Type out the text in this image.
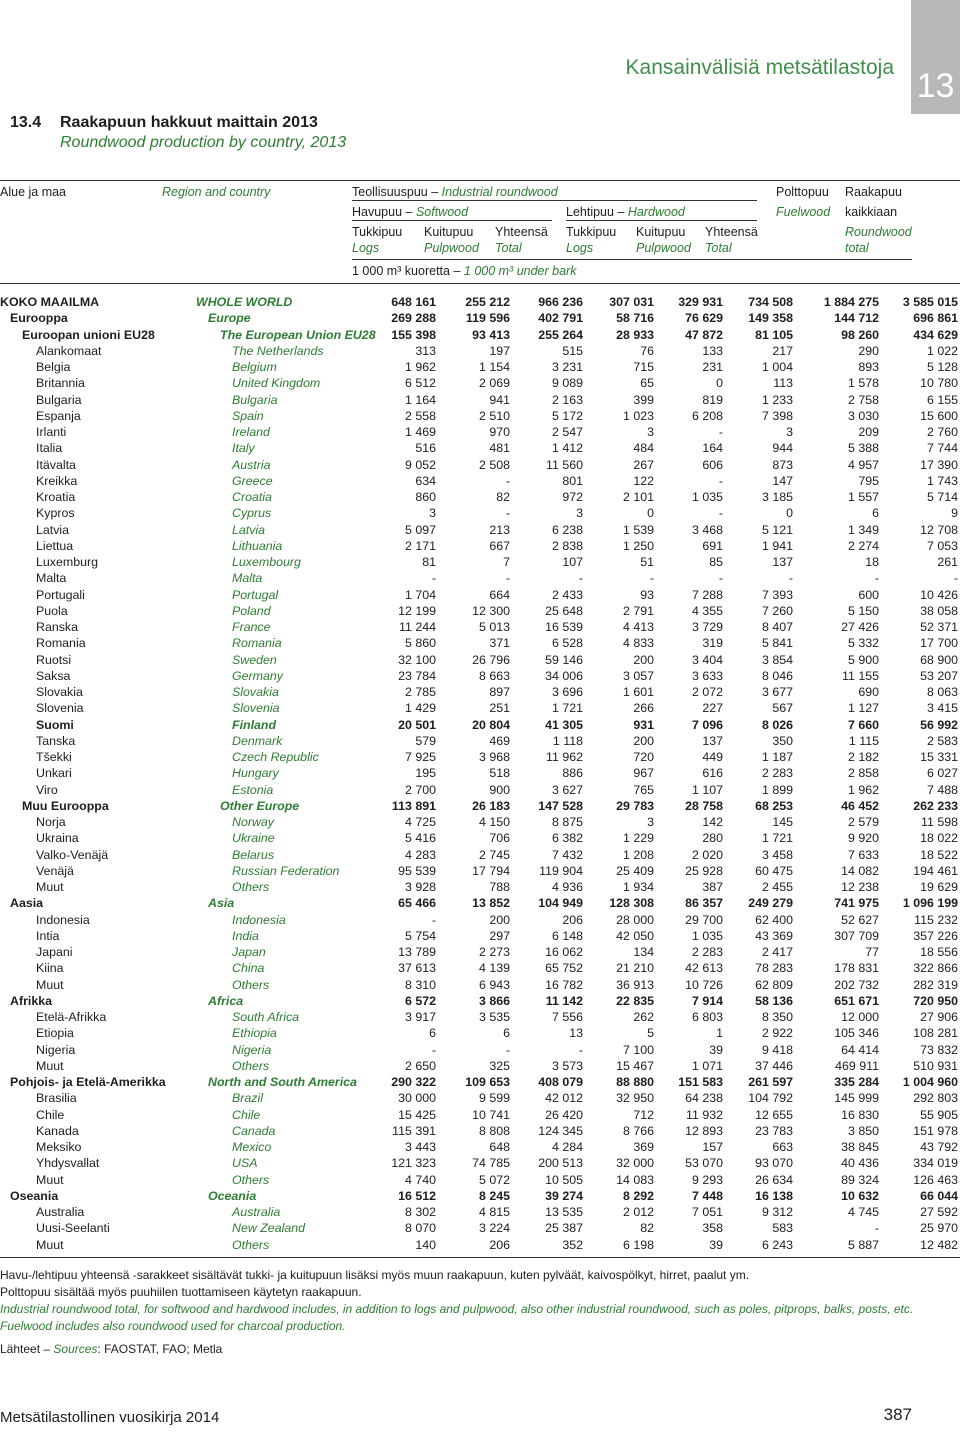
Kansainvälisiä metsätilastoja 13
13.4 Raakapuun hakkuut maittain 2013
Roundwood production by country, 2013
Alue ja maa	Region and country	Teollisuuspuu – Industrial roundwood	Polttopuu
Fuelwood
Raakapuu
kaikkiaan
Roundwood
total
Havupuu – Softwood	Lehtipuu – Hardwood
Tukkipuu
Logs
Kuitupuu
Pulpwood
Yhteensä
Total
Tukkipuu
Logs
Kuitupuu
Pulpwood
Yhteensä
Total
1 000 m³ kuoretta – 1 000 m³ under bark
KOKO MAAILMA	WHOLE WORLD	648 161	255 212	966 236	307 031	329 931	734 508	1 884 275	3 585 015
Eurooppa	Europe	269 288	119 596	402 791	58 716	76 629	149 358	144 712	696 861
Euroopan unioni EU28	The European Union EU28	155 398	93 413	255 264	28 933	47 872	81 105	98 260	434 629
Alankomaat	The Netherlands	313	197	515	76	133	217	290	1 022
Belgia	Belgium	1 962	1 154	3 231	715	231	1 004	893	5 128
Britannia	United Kingdom	6 512	2 069	9 089	65	0	113	1 578	10 780
Bulgaria	Bulgaria	1 164	941	2 163	399	819	1 233	2 758	6 155
Espanja	Spain	2 558	2 510	5 172	1 023	6 208	7 398	3 030	15 600
Irlanti	Ireland	1 469	970	2 547	3	-	3	209	2 760
Italia	Italy	516	481	1 412	484	164	944	5 388	7 744
Itävalta	Austria	9 052	2 508	11 560	267	606	873	4 957	17 390
Kreikka	Greece	634	-	801	122	-	147	795	1 743
Kroatia	Croatia	860	82	972	2 101	1 035	3 185	1 557	5 714
Kypros	Cyprus	3	-	3	0	-	0	6	9
Latvia	Latvia	5 097	213	6 238	1 539	3 468	5 121	1 349	12 708
Liettua	Lithuania	2 171	667	2 838	1 250	691	1 941	2 274	7 053
Luxemburg	Luxembourg	81	7	107	51	85	137	18	261
Malta	Malta	-	-	-	-	-	-	-	-
Portugali	Portugal	1 704	664	2 433	93	7 288	7 393	600	10 426
Puola	Poland	12 199	12 300	25 648	2 791	4 355	7 260	5 150	38 058
Ranska	France	11 244	5 013	16 539	4 413	3 729	8 407	27 426	52 371
Romania	Romania	5 860	371	6 528	4 833	319	5 841	5 332	17 700
Ruotsi	Sweden	32 100	26 796	59 146	200	3 404	3 854	5 900	68 900
Saksa	Germany	23 784	8 663	34 006	3 057	3 633	8 046	11 155	53 207
Slovakia	Slovakia	2 785	897	3 696	1 601	2 072	3 677	690	8 063
Slovenia	Slovenia	1 429	251	1 721	266	227	567	1 127	3 415
Suomi	Finland	20 501	20 804	41 305	931	7 096	8 026	7 660	56 992
Tanska	Denmark	579	469	1 118	200	137	350	1 115	2 583
Tšekki	Czech Republic	7 925	3 968	11 962	720	449	1 187	2 182	15 331
Unkari	Hungary	195	518	886	967	616	2 283	2 858	6 027
Viro	Estonia	2 700	900	3 627	765	1 107	1 899	1 962	7 488
Muu Eurooppa	Other Europe	113 891	26 183	147 528	29 783	28 758	68 253	46 452	262 233
Norja	Norway	4 725	4 150	8 875	3	142	145	2 579	11 598
Ukraina	Ukraine	5 416	706	6 382	1 229	280	1 721	9 920	18 022
Valko-Venäjä	Belarus	4 283	2 745	7 432	1 208	2 020	3 458	7 633	18 522
Venäjä	Russian Federation	95 539	17 794	119 904	25 409	25 928	60 475	14 082	194 461
Muut	Others	3 928	788	4 936	1 934	387	2 455	12 238	19 629
Aasia	Asia	65 466	13 852	104 949	128 308	86 357	249 279	741 975	1 096 199
Indonesia	Indonesia	-	200	206	28 000	29 700	62 400	52 627	115 232
Intia	India	5 754	297	6 148	42 050	1 035	43 369	307 709	357 226
Japani	Japan	13 789	2 273	16 062	134	2 283	2 417	77	18 556
Kiina	China	37 613	4 139	65 752	21 210	42 613	78 283	178 831	322 866
Muut	Others	8 310	6 943	16 782	36 913	10 726	62 809	202 732	282 319
Afrikka	Africa	6 572	3 866	11 142	22 835	7 914	58 136	651 671	720 950
Etelä-Afrikka	South Africa	3 917	3 535	7 556	262	6 803	8 350	12 000	27 906
Etiopia	Ethiopia	6	6	13	5	1	2 922	105 346	108 281
Nigeria	Nigeria	-	-	-	7 100	39	9 418	64 414	73 832
Muut	Others	2 650	325	3 573	15 467	1 071	37 446	469 911	510 931
Pohjois- ja Etelä-Amerikka	North and South America	290 322	109 653	408 079	88 880	151 583	261 597	335 284	1 004 960
Brasilia	Brazil	30 000	9 599	42 012	32 950	64 238	104 792	145 999	292 803
Chile	Chile	15 425	10 741	26 420	712	11 932	12 655	16 830	55 905
Kanada	Canada	115 391	8 808	124 345	8 766	12 893	23 783	3 850	151 978
Meksiko	Mexico	3 443	648	4 284	369	157	663	38 845	43 792
Yhdysvallat	USA	121 323	74 785	200 513	32 000	53 070	93 070	40 436	334 019
Muut	Others	4 740	5 072	10 505	14 083	9 293	26 634	89 324	126 463
Oseania	Oceania	16 512	8 245	39 274	8 292	7 448	16 138	10 632	66 044
Australia	Australia	8 302	4 815	13 535	2 012	7 051	9 312	4 745	27 592
Uusi-Seelanti	New Zealand	8 070	3 224	25 387	82	358	583	-	25 970
Muut	Others	140	206	352	6 198	39	6 243	5 887	12 482
Havu-/lehtipuu yhteensä -sarakkeet sisältävät tukki- ja kuitupuun lisäksi myös muun raakapuun, kuten pylväät, kaivospölkyt, hirret, paalut ym.
Polttopuu sisältää myös puuhiilen tuottamiseen käytetyn raakapuun.
Industrial roundwood total, for softwood and hardwood includes, in addition to logs and pulpwood, also other industrial roundwood, such as poles, pitprops, balks, posts, etc. Fuelwood includes also roundwood used for charcoal production.
Lähteet – Sources: FAOSTAT, FAO; Metla
Metsätilastollinen vuosikirja 2014	387
